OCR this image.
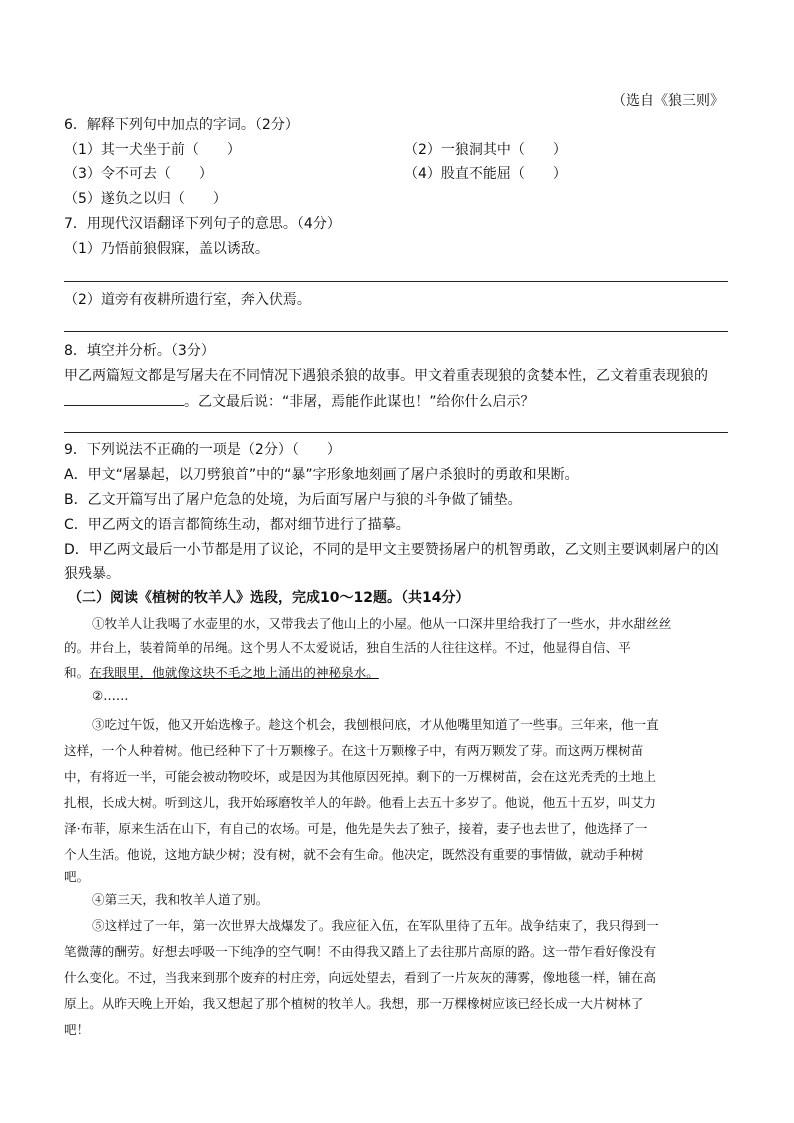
（选自《狼三则》
6．解释下列句中加点的字词。（2分）
（1）其一犬坐于前（　　）	（2）一狼洞其中（　　）
（3）令不可去（　　）	（4）股直不能屈（　　）
（5）遂负之以归（　　）
7．用现代汉语翻译下列句子的意思。（4分）
（1）乃悟前狼假寐，盖以诱敌。
（2）道旁有夜耕所遗行室，奔入伏焉。
8．填空并分析。（3分）
甲乙两篇短文都是写屠夫在不同情况下遇狼杀狼的故事。甲文着重表现狼的贪婪本性，乙文着重表现狼的
。乙文最后说：“非屠，焉能作此谋也！”给你什么启示？
9．下列说法不正确的一项是（2分）（　　）
A．甲文“屠暴起，以刀劈狼首”中的“暴”字形象地刻画了屠户杀狼时的勇敢和果断。
B．乙文开篇写出了屠户危急的处境，为后面写屠户与狼的斗争做了铺垫。
C．甲乙两文的语言都简练生动，都对细节进行了描摹。
D．甲乙两文最后一小节都是用了议论，不同的是甲文主要赞扬屠户的机智勇敢，乙文则主要讽刺屠户的凶
狠残暴。
（二）阅读《植树的牧羊人》选段，完成10～12题。（共14分）
①牧羊人让我喝了水壶里的水，又带我去了他山上的小屋。他从一口深井里给我打了一些水，井水甜丝丝
的。井台上，装着简单的吊绳。这个男人不太爱说话，独自生活的人往往这样。不过，他显得自信、平
和。在我眼里，他就像这块不毛之地上涌出的神秘泉水。
②……
③吃过午饭，他又开始选橡子。趁这个机会，我刨根问底，才从他嘴里知道了一些事。三年来，他一直
这样，一个人种着树。他已经种下了十万颗橡子。在这十万颗橡子中，有两万颗发了芽。而这两万棵树苗
中，有将近一半，可能会被动物咬坏，或是因为其他原因死掉。剩下的一万棵树苗，会在这光秃秃的土地上
扎根，长成大树。听到这儿，我开始琢磨牧羊人的年龄。他看上去五十多岁了。他说，他五十五岁，叫艾力
泽·布菲，原来生活在山下，有自己的农场。可是，他先是失去了独子，接着，妻子也去世了，他选择了一
个人生活。他说，这地方缺少树；没有树，就不会有生命。他决定，既然没有重要的事情做，就动手种树
吧。
④第三天，我和牧羊人道了别。
⑤这样过了一年，第一次世界大战爆发了。我应征入伍，在军队里待了五年。战争结束了，我只得到一
笔微薄的酬劳。好想去呼吸一下纯净的空气啊！不由得我又踏上了去往那片高原的路。这一带乍看好像没有
什么变化。不过，当我来到那个废弃的村庄旁，向远处望去，看到了一片灰灰的薄雾，像地毯一样，铺在高
原上。从昨天晚上开始，我又想起了那个植树的牧羊人。我想，那一万棵橡树应该已经长成一大片树林了
吧！
